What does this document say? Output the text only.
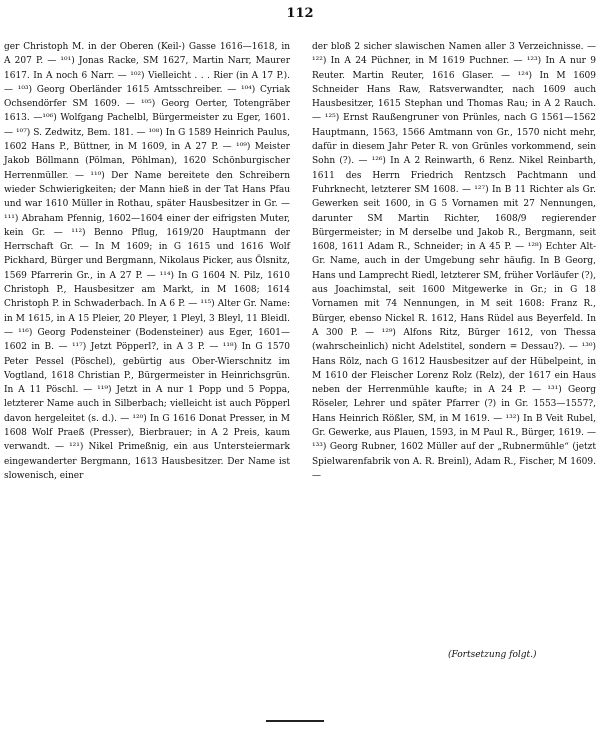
112

ger Christoph M. in der Oberen (Keil-) Gasse 1616—1618, in A 207 P. — ¹⁰¹) Jonas Racke, SM 1627, Martin Narr, Maurer 1617. In A noch 6 Narr. — ¹⁰²) Vielleicht . . . Rier (in A 17 P.). — ¹⁰³) Georg Oberländer 1615 Amtsschreiber. — ¹⁰⁴) Cyriak Ochsendörfer SM 1609. — ¹⁰⁵) Georg Oerter, Totengräber 1613. —¹⁰⁶) Wolfgang Pachelbl, Bürgermeister zu Eger, 1601.— ¹⁰⁷) S. Zedwitz, Bem. 181. — ¹⁰⁸) In G 1589 Heinrich Paulus, 1602 Hans P., Büttner, in M 1609, in A 27 P. — ¹⁰⁹) Meister Jakob Böllmann (Pölman, Pöhlman), 1620 Schönburgischer Herrenmüller. — ¹¹⁰) Der Name bereitete den Schreibern wieder Schwierigkeiten; der Mann hieß in der Tat Hans Pfau und war 1610 Müller in Rothau, später Hausbesitzer in Gr. — ¹¹¹) Abraham Pfennig, 1602—1604 einer der eifrigsten Muter, kein Gr. — ¹¹²) Benno Pflug, 1619/20 Hauptmann der Herrschaft Gr. — In M 1609; in G 1615 und 1616 Wolf Pickhard, Bürger und Bergmann, Nikolaus Picker, aus Ölsnitz, 1569 Pfarrerin Gr., in A 27 P. — ¹¹⁴) In G 1604 N. Pilz, 1610 Christoph P., Hausbesitzer am Markt, in M 1608; 1614 Christoph P. in Schwaderbach. In A 6 P. — ¹¹⁵) Alter Gr. Name: in M 1615, in A 15 Pleier, 20 Pleyer, 1 Pleyl, 3 Bleyl, 11 Bleidl. — ¹¹⁶) Georg Podensteiner (Bodensteiner) aus Eger, 1601—1602 in B. — ¹¹⁷) Jetzt Pöpperl?, in A 3 P. — ¹¹⁸) In G 1570 Peter Pessel (Pöschel), gebürtig aus Ober-Wierschnitz im Vogtland, 1618 Christian P., Bürgermeister in Heinrichsgrün. In A 11 Pöschl. — ¹¹⁹) Jetzt in A nur 1 Popp und 5 Poppa, letzterer Name auch in Silberbach; vielleicht ist auch Pöpperl davon hergeleitet (s. d.). — ¹²⁰) In G 1616 Donat Presser, in M 1608 Wolf Praeß (Presser), Bierbrauer; in A 2 Preis, kaum verwandt. — ¹²¹) Nikel Primeßnig, ein aus Untersteiermark eingewanderter Bergmann, 1613 Hausbesitzer. Der Name ist slowenisch, einer

der bloß 2 sicher slawischen Namen aller 3 Verzeichnisse. — ¹²²) In A 24 Püchner, in M 1619 Puchner. — ¹²³) In A nur 9 Reuter. Martin Reuter, 1616 Glaser. — ¹²⁴) In M 1609 Schneider Hans Raw, Ratsverwandter, nach 1609 auch Hausbesitzer, 1615 Stephan und Thomas Rau; in A 2 Rauch. — ¹²⁵) Ernst Raußengruner von Prünles, nach G 1561—1562 Hauptmann, 1563, 1566 Amtmann von Gr., 1570 nicht mehr, dafür in diesem Jahr Peter R. von Grünles vorkommend, sein Sohn (?). — ¹²⁶) In A 2 Reinwarth, 6 Renz. Nikel Reinbarth, 1611 des Herrn Friedrich Rentzsch Pachtmann und Fuhrknecht, letzterer SM 1608. — ¹²⁷) In B 11 Richter als Gr. Gewerken seit 1600, in G 5 Vornamen mit 27 Nennungen, darunter SM Martin Richter, 1608/9 regierender Bürgermeister; in M derselbe und Jakob R., Bergmann, seit 1608, 1611 Adam R., Schneider; in A 45 P. — ¹²⁸) Echter Alt-Gr. Name, auch in der Umgebung sehr häufig. In B Georg, Hans und Lamprecht Riedl, letzterer SM, früher Vorläufer (?), aus Joachimstal, seit 1600 Mitgewerke in Gr.; in G 18 Vornamen mit 74 Nennungen, in M seit 1608: Franz R., Bürger, ebenso Nickel R. 1612, Hans Rüdel aus Beyerfeld. In A 300 P. — ¹²⁹) Alfons Ritz, Bürger 1612, von Thessa (wahrscheinlich) nicht Adelstitel, sondern = Dessau?). — ¹³⁰) Hans Rölz, nach G 1612 Hausbesitzer auf der Hübelpeint, in M 1610 der Fleischer Lorenz Rolz (Relz), der 1617 ein Haus neben der Herrenmühle kaufte; in A 24 P. — ¹³¹) Georg Röseler, Lehrer und später Pfarrer (?) in Gr. 1553—1557?, Hans Heinrich Rößler, SM, in M 1619. — ¹³²) In B Veit Rubel, Gr. Gewerke, aus Plauen, 1593, in M Paul R., Bürger, 1619. — ¹³³) Georg Rubner, 1602 Müller auf der „Rubnermühle“ (jetzt Spielwarenfabrik von A. R. Breinl), Adam R., Fischer, M 1609. —

(Fortsetzung folgt.)
